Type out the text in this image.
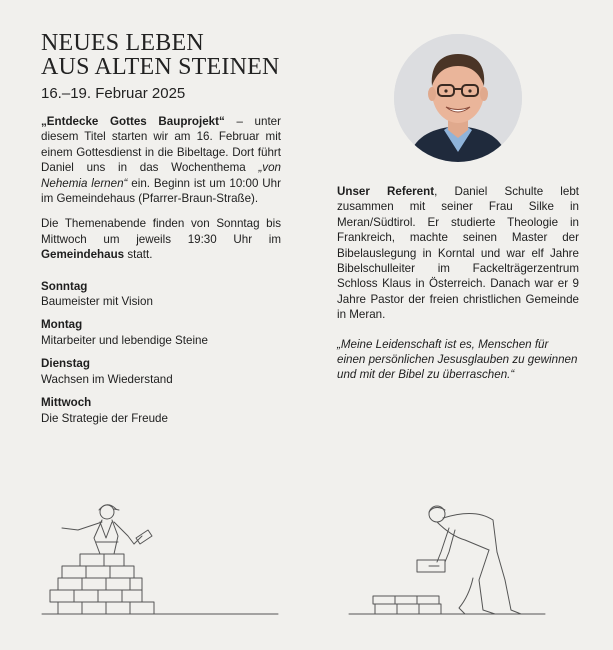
NEUES LEBEN
AUS ALTEN STEINEN
16.–19. Februar 2025

„Entdecke Gottes Bauprojekt“ – unter diesem Titel starten wir am 16. Februar mit einem Gottesdienst in die Bibeltage. Dort führt Daniel uns in das Wochenthema „von Nehemia lernen“ ein. Beginn ist um 10:00 Uhr im Gemeindehaus (Pfarrer-Braun-Straße).

Die Themenabende finden von Sonntag bis Mittwoch um jeweils 19:30 Uhr im Gemeindehaus statt.

Sonntag
Baumeister mit Vision
Montag
Mitarbeiter und lebendige Steine
Dienstag
Wachsen im Wiederstand
Mittwoch
Die Strategie der Freude

Unser Referent, Daniel Schulte lebt zusammen mit seiner Frau Silke in Meran/Südtirol. Er studierte Theologie in Frankreich, machte seinen Master der Bibelauslegung in Korntal und war elf Jahre Bibelschulleiter im Fackelträgerzentrum Schloss Klaus in Österreich. Danach war er 9 Jahre Pastor der freien christlichen Gemeinde in Meran.

„Meine Leidenschaft ist es, Menschen für einen persönlichen Jesusglauben zu gewinnen und mit der Bibel zu überraschen.“
